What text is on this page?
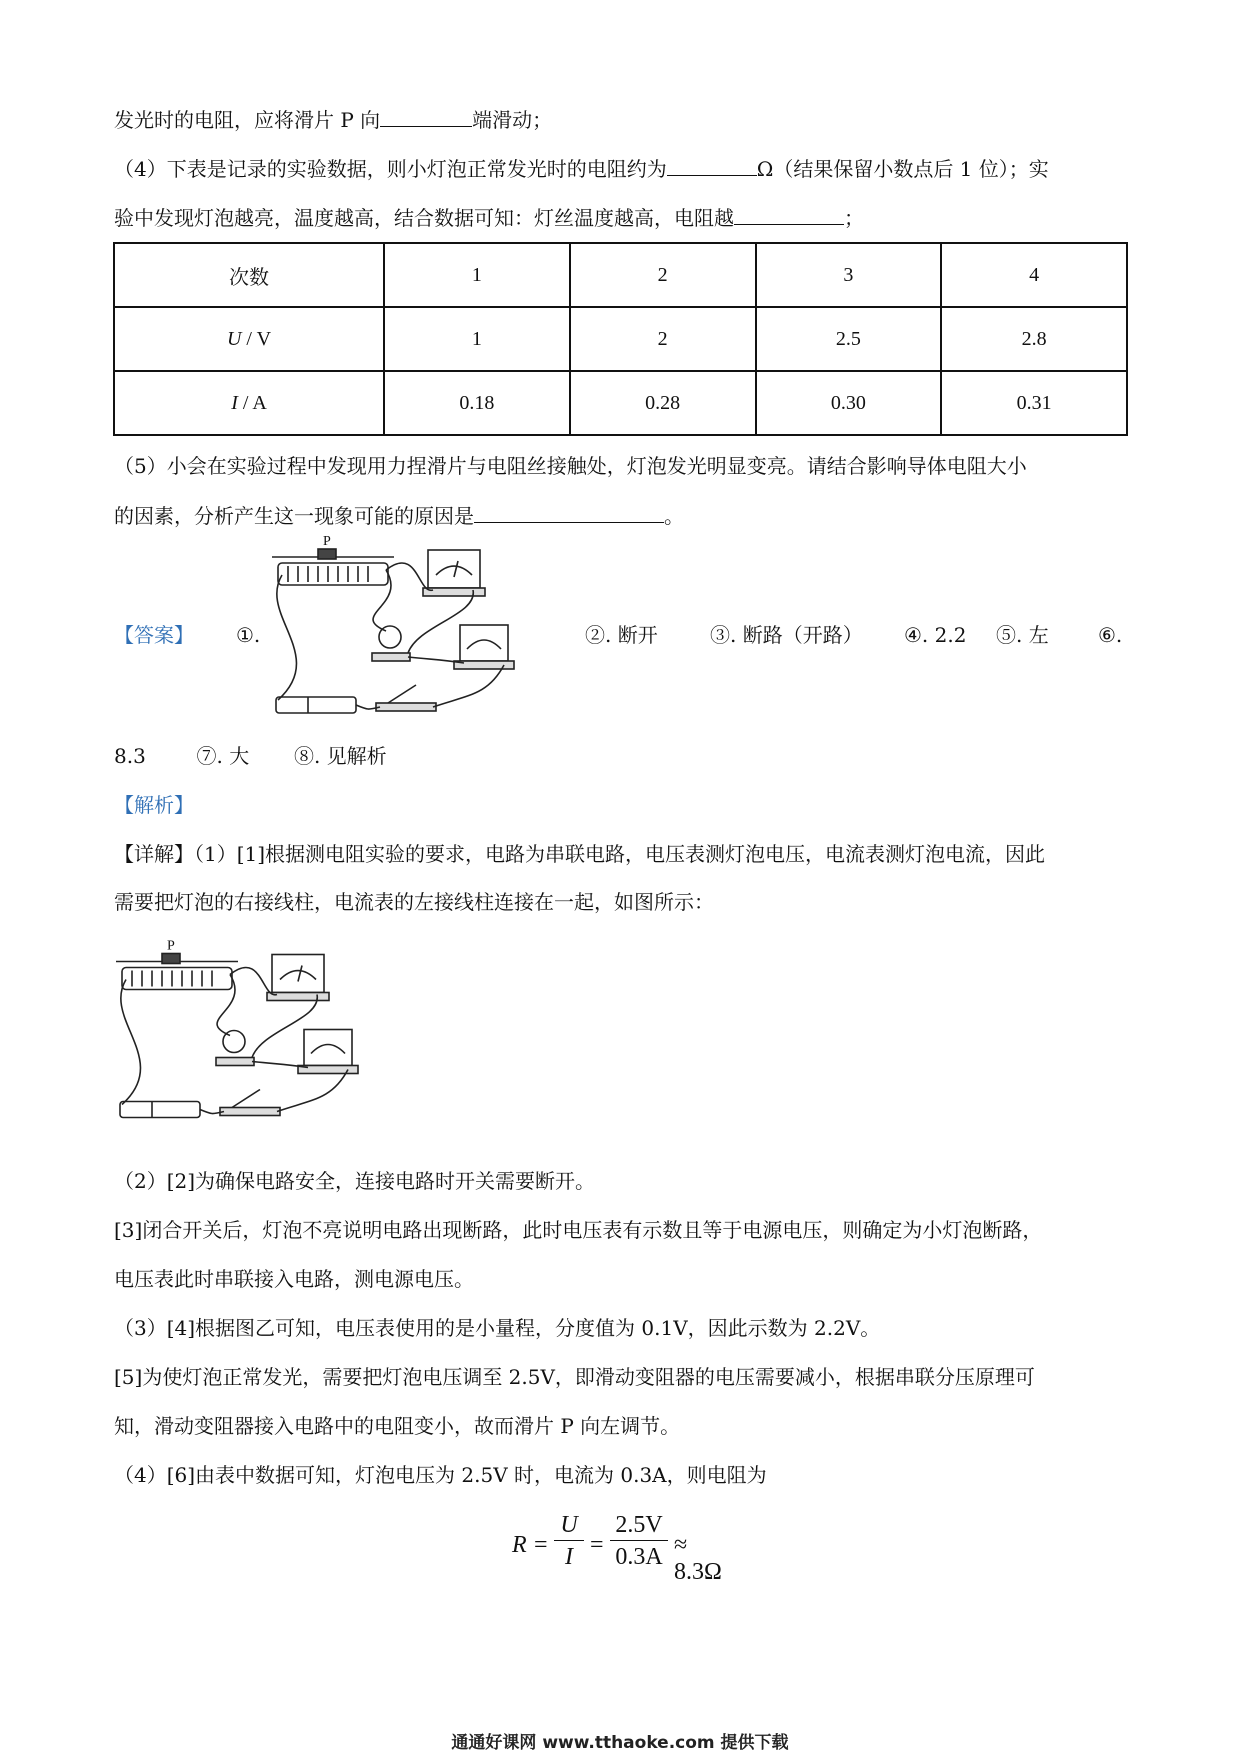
发光时的电阻，应将滑片 P 向	端滑动；
（4）下表是记录的实验数据，则小灯泡正常发光时的电阻约为	Ω（结果保留小数点后 1 位）；实
验中发现灯泡越亮，温度越高，结合数据可知：灯丝温度越高，电阻越	；
次数	1	2	3	4
U / V	1	2	2.5	2.8
I / A	0.18	0.28	0.30	0.31
（5）小会在实验过程中发现用力捏滑片与电阻丝接触处，灯泡发光明显变亮。请结合影响导体电阻大小
的因素，分析产生这一现象可能的原因是	。
【答案】 ①.	②. 断开	③. 断路（开路） ④. 2.2 ⑤. 左 ⑥.
P
8.3	⑦. 大 ⑧. 见解析
【解析】
【详解】（1）[1]根据测电阻实验的要求，电路为串联电路，电压表测灯泡电压，电流表测灯泡电流，因此
需要把灯泡的右接线柱，电流表的左接线柱连接在一起，如图所示：
P
（2）[2]为确保电路安全，连接电路时开关需要断开。
[3]闭合开关后，灯泡不亮说明电路出现断路，此时电压表有示数且等于电源电压，则确定为小灯泡断路，
电压表此时串联接入电路，测电源电压。
（3）[4]根据图乙可知，电压表使用的是小量程，分度值为 0.1V，因此示数为 2.2V。
[5]为使灯泡正常发光，需要把灯泡电压调至 2.5V，即滑动变阻器的电压需要减小，根据串联分压原理可
知，滑动变阻器接入电路中的电阻变小，故而滑片 P 向左调节。
（4）[6]由表中数据可知，灯泡电压为 2.5V 时，电流为 0.3A，则电阻为
$R = \frac{U}{I} = \frac{2.5V}{0.3A} \approx 8.3\Omega$
通通好课网 www.tthaoke.com 提供下载
